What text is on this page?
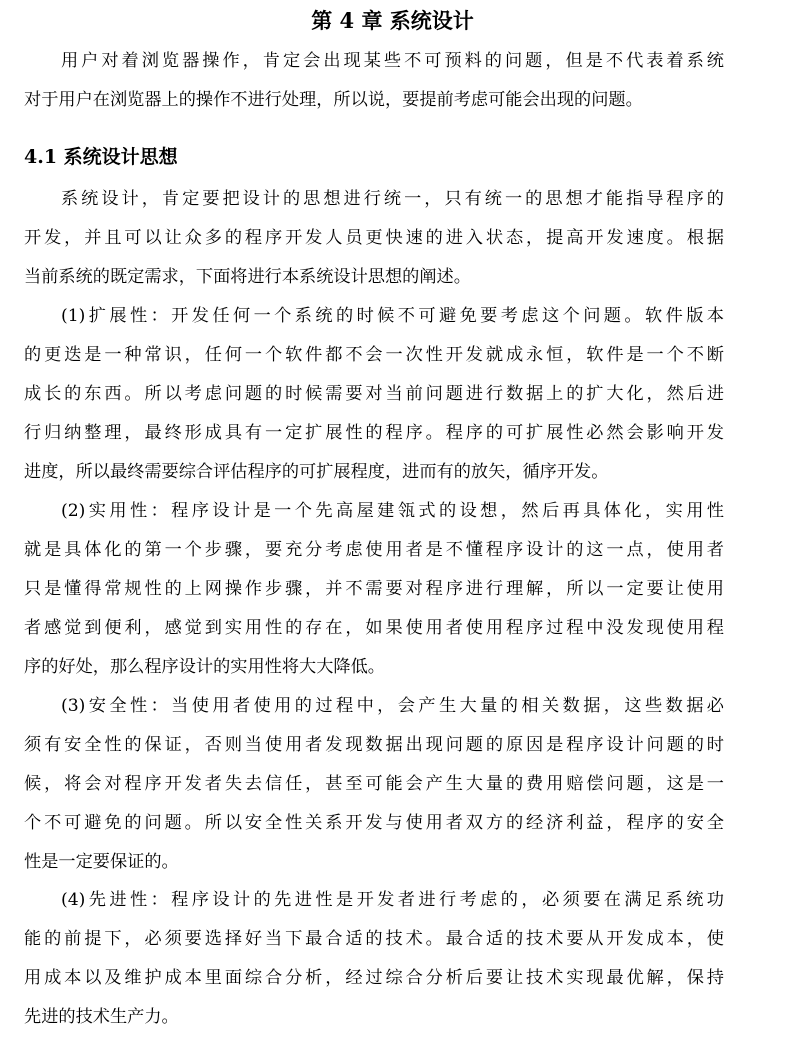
第 4 章 系统设计
用户对着浏览器操作，肯定会出现某些不可预料的问题，但是不代表着系统
对于用户在浏览器上的操作不进行处理，所以说，要提前考虑可能会出现的问题。
4.1 系统设计思想
系统设计，肯定要把设计的思想进行统一，只有统一的思想才能指导程序的
开发，并且可以让众多的程序开发人员更快速的进入状态，提高开发速度。根据
当前系统的既定需求，下面将进行本系统设计思想的阐述。
(1)扩展性：开发任何一个系统的时候不可避免要考虑这个问题。软件版本
的更迭是一种常识，任何一个软件都不会一次性开发就成永恒，软件是一个不断
成长的东西。所以考虑问题的时候需要对当前问题进行数据上的扩大化，然后进
行归纳整理，最终形成具有一定扩展性的程序。程序的可扩展性必然会影响开发
进度，所以最终需要综合评估程序的可扩展程度，进而有的放矢，循序开发。
(2)实用性：程序设计是一个先高屋建瓴式的设想，然后再具体化，实用性
就是具体化的第一个步骤，要充分考虑使用者是不懂程序设计的这一点，使用者
只是懂得常规性的上网操作步骤，并不需要对程序进行理解，所以一定要让使用
者感觉到便利，感觉到实用性的存在，如果使用者使用程序过程中没发现使用程
序的好处，那么程序设计的实用性将大大降低。
(3)安全性：当使用者使用的过程中，会产生大量的相关数据，这些数据必
须有安全性的保证，否则当使用者发现数据出现问题的原因是程序设计问题的时
候，将会对程序开发者失去信任，甚至可能会产生大量的费用赔偿问题，这是一
个不可避免的问题。所以安全性关系开发与使用者双方的经济利益，程序的安全
性是一定要保证的。
(4)先进性：程序设计的先进性是开发者进行考虑的，必须要在满足系统功
能的前提下，必须要选择好当下最合适的技术。最合适的技术要从开发成本，使
用成本以及维护成本里面综合分析，经过综合分析后要让技术实现最优解，保持
先进的技术生产力。
